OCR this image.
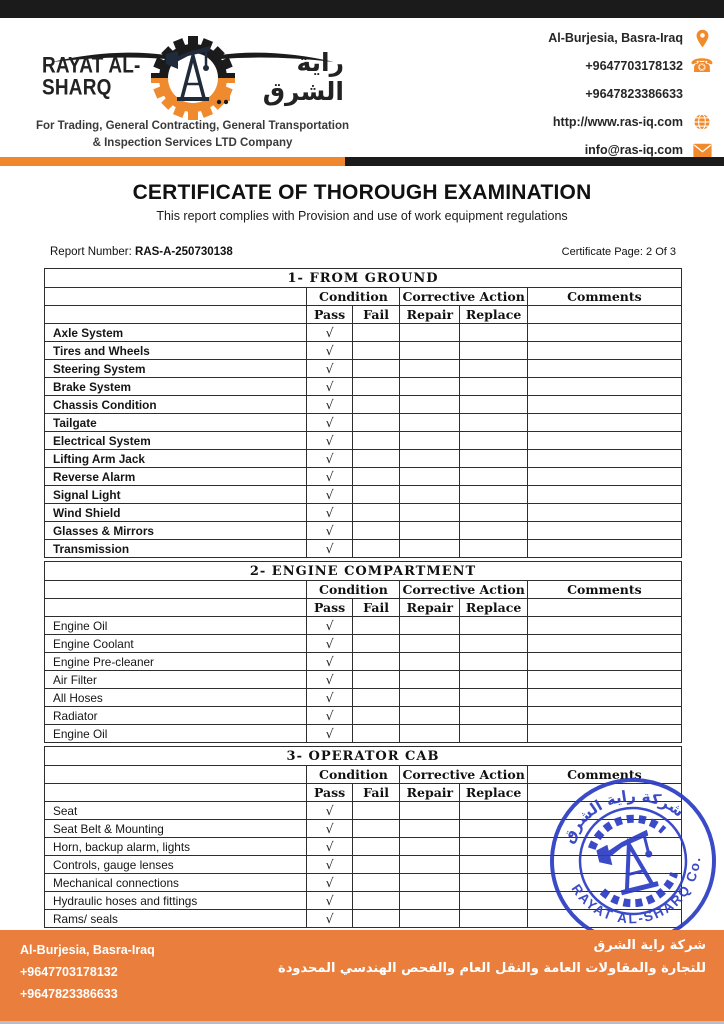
RAYAT AL-SHARQ
راية الشرق
For Trading, General Contracting, General Transportation
& Inspection Services LTD Company
Al-Burjesia, Basra-Iraq
+9647703178132 ☎
+9647823386633
http://www.ras-iq.com
info@ras-iq.com
CERTIFICATE OF THOROUGH EXAMINATION
This report complies with Provision and use of work equipment regulations
Report Number: RAS-A-250730138	Certificate Page: 2 Of 3
1- FROM GROUND					
	Condition		Corrective Action		Comments
	Pass	Fail	Repair	Replace	
Axle System	√				
Tires and Wheels	√				
Steering System	√				
Brake System	√				
Chassis Condition	√				
Tailgate	√				
Electrical System	√				
Lifting Arm Jack	√				
Reverse Alarm	√				
Signal Light	√				
Wind Shield	√				
Glasses & Mirrors	√				
Transmission	√				
2- ENGINE COMPARTMENT					
	Condition		Corrective Action		Comments
	Pass	Fail	Repair	Replace	
Engine Oil	√				
Engine Coolant	√				
Engine Pre-cleaner	√				
Air Filter	√				
All Hoses	√				
Radiator	√				
Engine Oil	√				
3- OPERATOR CAB					
	Condition		Corrective Action		Comments
	Pass	Fail	Repair	Replace	
Seat	√				
Seat Belt & Mounting	√				
Horn, backup alarm, lights	√				
Controls, gauge lenses	√				
Mechanical connections	√				
Hydraulic hoses and fittings	√				
Rams/ seals	√				
شركة راية الشرق
RAYAT AL-SHARQ Co.
Al-Burjesia, Basra-Iraq
+9647703178132
+9647823386633
شركة راية الشرق
للتجارة والمقاولات العامة والنقل العام والفحص الهندسي المحدودة
